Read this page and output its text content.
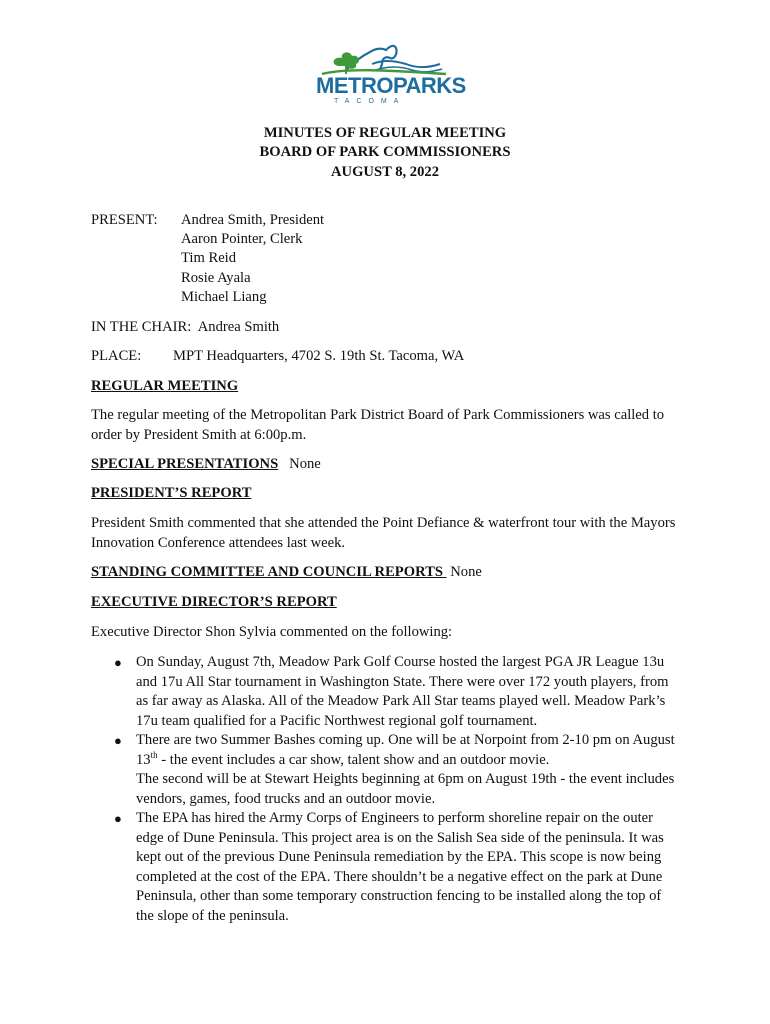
METROPARKS
TACOMA
MINUTES OF REGULAR MEETING
BOARD OF PARK COMMISSIONERS
AUGUST 8, 2022
PRESENT: Andrea Smith, President
Aaron Pointer, Clerk
Tim Reid
Rosie Ayala
Michael Liang
IN THE CHAIR:  Andrea Smith
PLACE: MPT Headquarters, 4702 S. 19th St. Tacoma, WA
REGULAR MEETING
The regular meeting of the Metropolitan Park District Board of Park Commissioners was called to order by President Smith at 6:00p.m.
SPECIAL PRESENTATIONS None
PRESIDENT’S REPORT
President Smith commented that she attended the Point Defiance & waterfront tour with the Mayors Innovation Conference attendees last week.
STANDING COMMITTEE AND COUNCIL REPORTS  None
EXECUTIVE DIRECTOR’S REPORT
Executive Director Shon Sylvia commented on the following:
● On Sunday, August 7th, Meadow Park Golf Course hosted the largest PGA JR League 13u and 17u All Star tournament in Washington State. There were over 172 youth players, from as far away as Alaska. All of the Meadow Park All Star teams played well. Meadow Park’s 17u team qualified for a Pacific Northwest regional golf tournament.
● There are two Summer Bashes coming up. One will be at Norpoint from 2-10 pm on August 13th - the event includes a car show, talent show and an outdoor movie.
The second will be at Stewart Heights beginning at 6pm on August 19th - the event includes vendors, games, food trucks and an outdoor movie.
● The EPA has hired the Army Corps of Engineers to perform shoreline repair on the outer edge of Dune Peninsula. This project area is on the Salish Sea side of the peninsula. It was kept out of the previous Dune Peninsula remediation by the EPA. This scope is now being completed at the cost of the EPA. There shouldn’t be a negative effect on the park at Dune Peninsula, other than some temporary construction fencing to be installed along the top of the slope of the peninsula.
